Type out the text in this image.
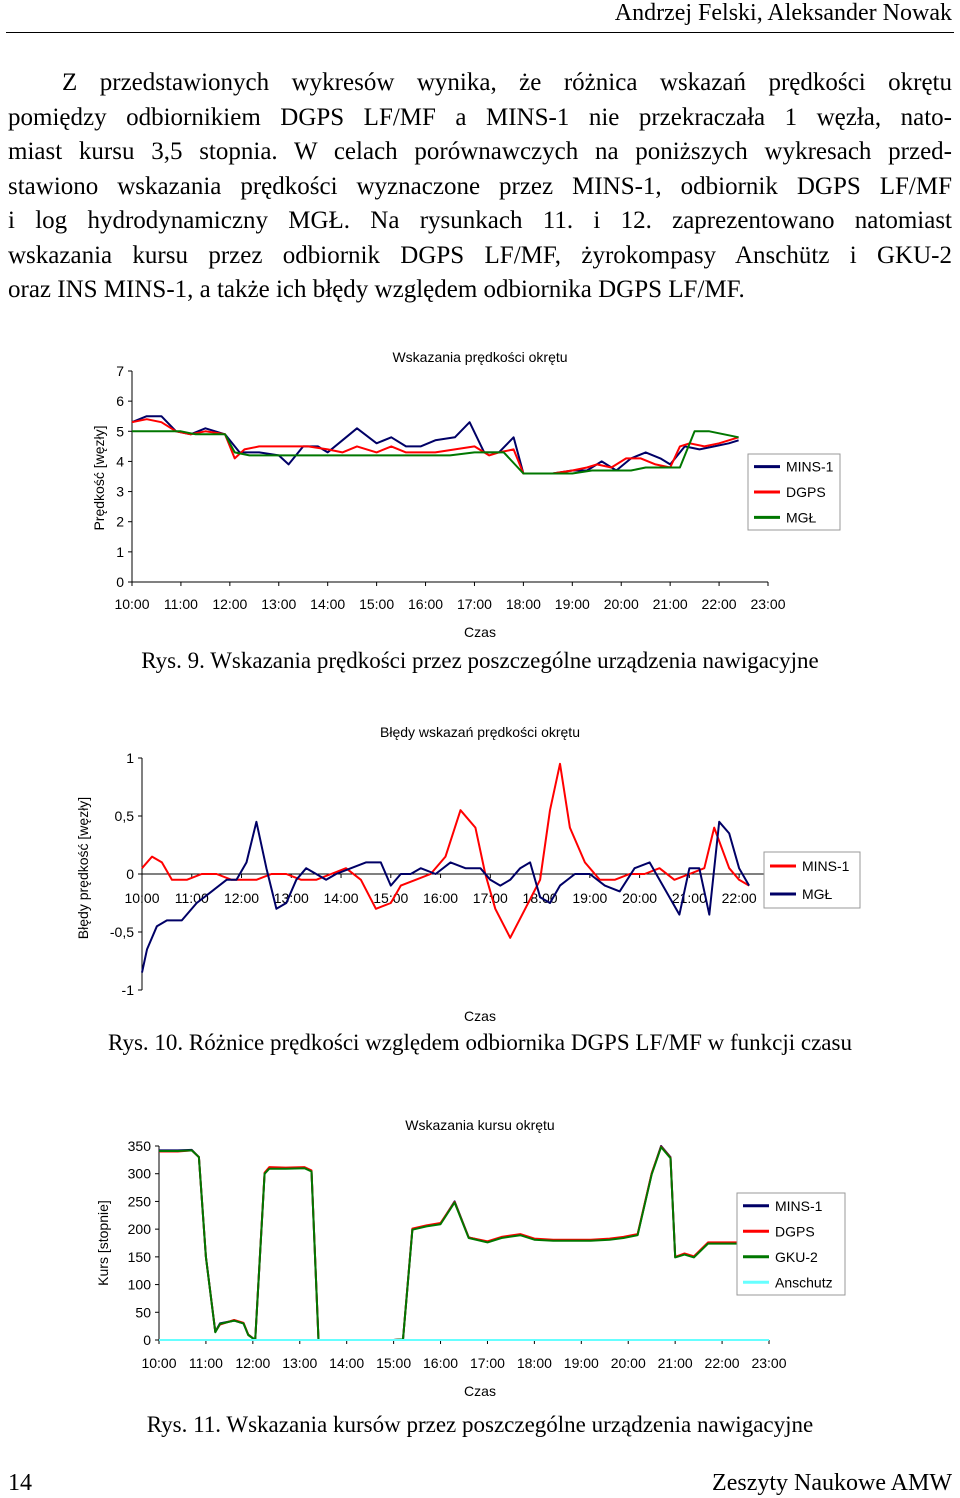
Andrzej Felski, Aleksander Nowak
Z przedstawionych wykresów wynika, że różnica wskazań prędkości okrętu
pomiędzy odbiornikiem DGPS LF/MF a MINS-1 nie przekraczała 1 węzła, nato-
miast kursu 3,5 stopnia. W celach porównawczych na poniższych wykresach przed-
stawiono wskazania prędkości wyznaczone przez MINS-1, odbiornik DGPS LF/MF
i log hydrodynamiczny MGŁ. Na rysunkach 11. i 12. zaprezentowano natomiast
wskazania kursu przez odbiornik DGPS LF/MF, żyrokompasy Anschütz i GKU-2
oraz INS MINS-1, a także ich błędy względem odbiornika DGPS LF/MF.
Wskazania prędkości okrętu
Prędkość [węzły]
Czas
0
1
2
3
4
5
6
7
10:00 11:00 12:00 13:00 14:00 15:00 16:00 17:00 18:00 19:00 20:00 21:00 22:00 23:00
MINS-1
DGPS
MGŁ
Błędy wskazań prędkości okrętu
Błędy prędkość [węzły]
Czas
-1
-0,5
0
0,5
1
10:00 11:00 12:00 13:00 14:00 15:00 16:00 17:00 18:00 19:00 20:00 21:00 22:00
MINS-1
MGŁ
Wskazania kursu okrętu
Kurs [stopnie]
Czas
0
50
100
150
200
250
300
350
10:00 11:00 12:00 13:00 14:00 15:00 16:00 17:00 18:00 19:00 20:00 21:00 22:00 23:00
MINS-1
DGPS
GKU-2
Anschutz
Rys. 9. Wskazania prędkości przez poszczególne urządzenia nawigacyjne
Rys. 10. Różnice prędkości względem odbiornika DGPS LF/MF w funkcji czasu
Rys. 11. Wskazania kursów przez poszczególne urządzenia nawigacyjne
14	Zeszyty Naukowe AMW
